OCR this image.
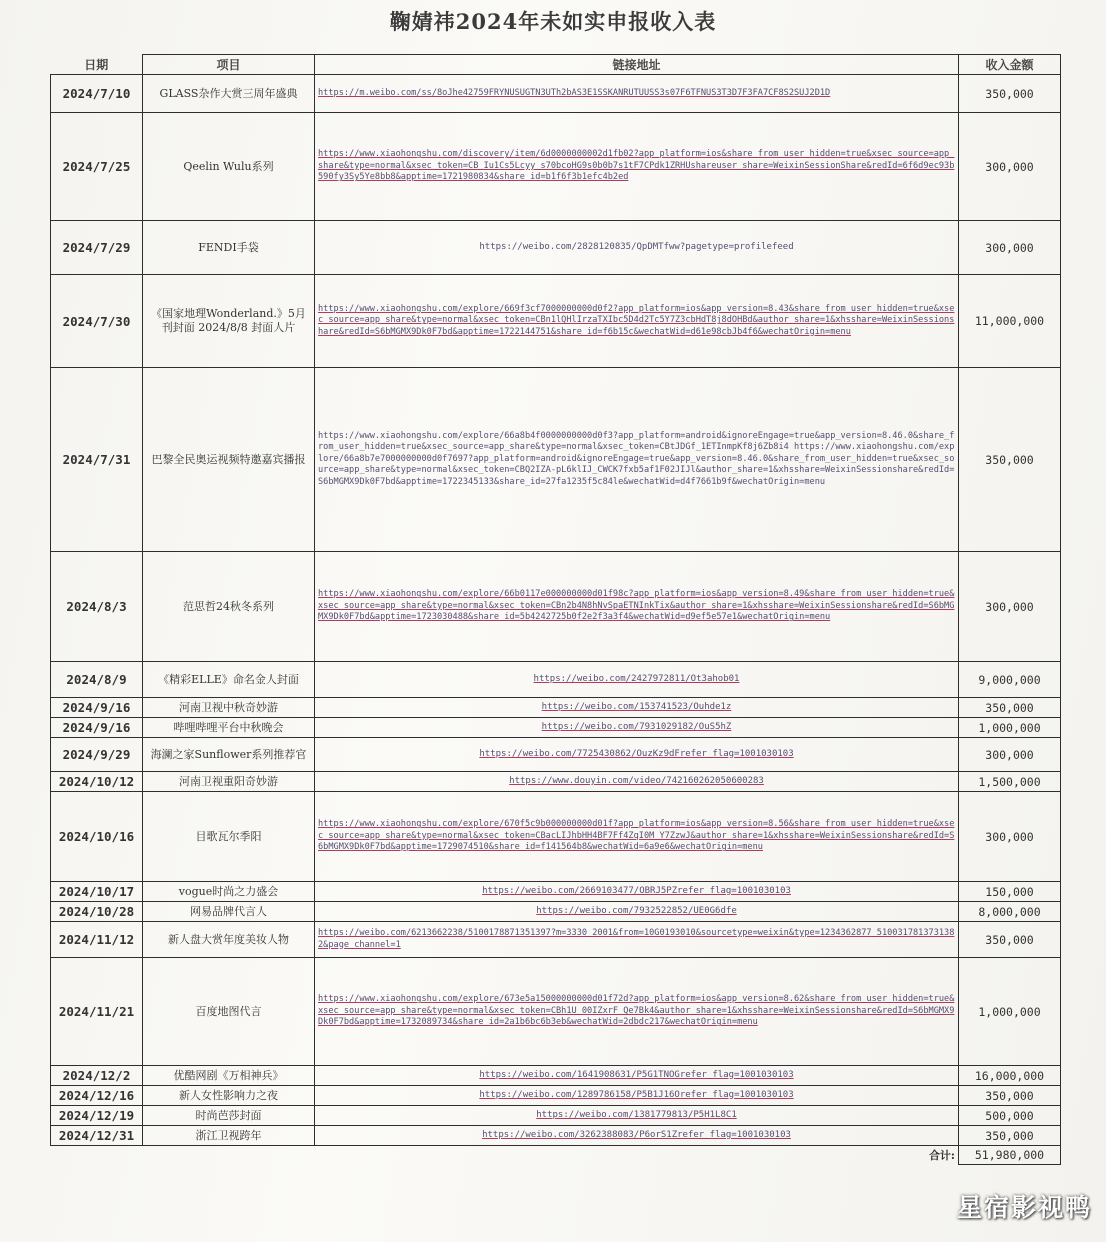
鞠婧祎2024年未如实申报收入表
日期	项目	链接地址	收入金额
2024/7/10	GLASS杂作大赏三周年盛典	https://m.weibo.com/ss/8oJhe42759FRYNUSUGTN3UTh2bAS3E1SSKANRUTUUSS3s07F6TFNUS3T3D7F3FA7CF8S2SUJ2D1D	350,000
2024/7/25	Qeelin Wulu系列	https://www.xiaohongshu.com/discovery/item/6d0000000002d1fb02?app_platform=ios&share_from_user_hidden=true&xsec_source=app_share&type=normal&xsec_token=CB_Iu1Cs5Lcyy_s70bcoHG9s0b0b7s1tF7CPdk1ZRHUshareuser_share=WeixinSessionShare&redId=6f6d9ec93b590fy3Sy5Ye8bb8&apptime=1721980834&share_id=b1f6f3b1efc4b2ed	300,000
2024/7/29	FENDI手袋	https://weibo.com/2828120835/QpDMTfww?pagetype=profilefeed	300,000
2024/7/30	《国家地理Wonderland.》5月刊封面 2024/8/8 封面人片	https://www.xiaohongshu.com/explore/669f3cf7000000000d0f2?app_platform=ios&app_version=8.43&share_from_user_hidden=true&xsec_source=app_share&type=normal&xsec_token=CBn1lQHlIrzaTXIbc5D4d2Tc5Y7Z3cbHdT8j8dOHBd&author_share=1&xhsshare=WeixinSessionshare&redId=S6bMGMX9Dk0F7bd&apptime=1722144751&share_id=f6b15c&wechatWid=d61e98cbJb4f6&wechatOrigin=menu	11,000,000
2024/7/31	巴黎全民奥运视频特邀嘉宾播报	https://www.xiaohongshu.com/explore/66a8b4f0000000000d0f3?app_platform=android&ignoreEngage=true&app_version=8.46.0&share_from_user_hidden=true&xsec_source=app_share&type=normal&xsec_token=CBtJDGf_1ETInmpKf8j6Zb8i4 https://www.xiaohongshu.com/explore/66a8b7e7000000000d0f7697?app_platform=android&ignoreEngage=true&app_version=8.46.0&share_from_user_hidden=true&xsec_source=app_share&type=normal&xsec_token=CBQ2IZA-pL6klIJ_CWCK7fxb5af1F02JIJl&author_share=1&xhsshare=WeixinSessionshare&redId=S6bMGMX9Dk0F7bd&apptime=1722345133&share_id=27fa1235f5c84le&wechatWid=d4f7661b9f&wechatOrigin=menu	350,000
2024/8/3	范思哲24秋冬系列	https://www.xiaohongshu.com/explore/66b0117e000000000d01f98c?app_platform=ios&app_version=8.49&share_from_user_hidden=true&xsec_source=app_share&type=normal&xsec_token=CBn2b4N8hNvSpaETNInkTix&author_share=1&xhsshare=WeixinSessionshare&redId=S6bMGMX9Dk0F7bd&apptime=1723030488&share_id=5b4242725b0f2e2f3a3f4&wechatWid=d9ef5e57e1&wechatOrigin=menu	300,000
2024/8/9	《精彩ELLE》命名金人封面	https://weibo.com/2427972811/Ot3ahob01	9,000,000
2024/9/16	河南卫视中秋奇妙游	https://weibo.com/153741523/Ouhde1z	350,000
2024/9/16	哔哩哔哩平台中秋晚会	https://weibo.com/7931029182/OuS5hZ	1,000,000
2024/9/29	海澜之家Sunflower系列推荐官	https://weibo.com/7725430862/OuzKz9dFrefer_flag=1001030103	300,000
2024/10/12	河南卫视重阳奇妙游	https://www.douyin.com/video/742160262050600283	1,500,000
2024/10/16	目歌瓦尔季阳	https://www.xiaohongshu.com/explore/670f5c9b000000000d01f?app_platform=ios&app_version=8.56&share_from_user_hidden=true&xsec_source=app_share&type=normal&xsec_token=CBacLIJhbHH4BF7Ff4ZqI0M_Y7ZzwJ&author_share=1&xhsshare=WeixinSessionshare&redId=S6bMGMX9Dk0F7bd&apptime=1729074510&share_id=f141564b8&wechatWid=6a9e6&wechatOrigin=menu	300,000
2024/10/17	vogue时尚之力盛会	https://weibo.com/2669103477/OBRJ5PZrefer_flag=1001030103	150,000
2024/10/28	网易品牌代言人	https://weibo.com/7932522852/UE0G6dfe	8,000,000
2024/11/12	新人盘大赏年度美妆人物	https://weibo.com/6213662238/5100178871351397?m=3330_2001&from=10G0193010&sourcetype=weixin&type=1234362877_5100317813731382&page_channel=1	350,000
2024/11/21	百度地图代言	https://www.xiaohongshu.com/explore/673e5a15000000000d01f72d?app_platform=ios&app_version=8.62&share_from_user_hidden=true&xsec_source=app_share&type=normal&xsec_token=CBh1U_00IZxrF_Qe7Bk4&author_share=1&xhsshare=WeixinSessionshare&redId=S6bMGMX9Dk0F7bd&apptime=1732089734&share_id=2a1b6bc6b3eb&wechatWid=2dbdc217&wechatOrigin=menu	1,000,000
2024/12/2	优酷网剧《万相神兵》	https://weibo.com/1641908631/P5G1TNOGrefer_flag=1001030103	16,000,000
2024/12/16	新人女性影响力之夜	https://weibo.com/1289786158/P5B1J16Orefer_flag=1001030103	350,000
2024/12/19	时尚芭莎封面	https://weibo.com/1381779813/P5H1L8C1	500,000
2024/12/31	浙江卫视跨年	https://weibo.com/3262388083/P6orS1Zrefer_flag=1001030103	350,000
		合计:	51,980,000
星宿影视鸭
